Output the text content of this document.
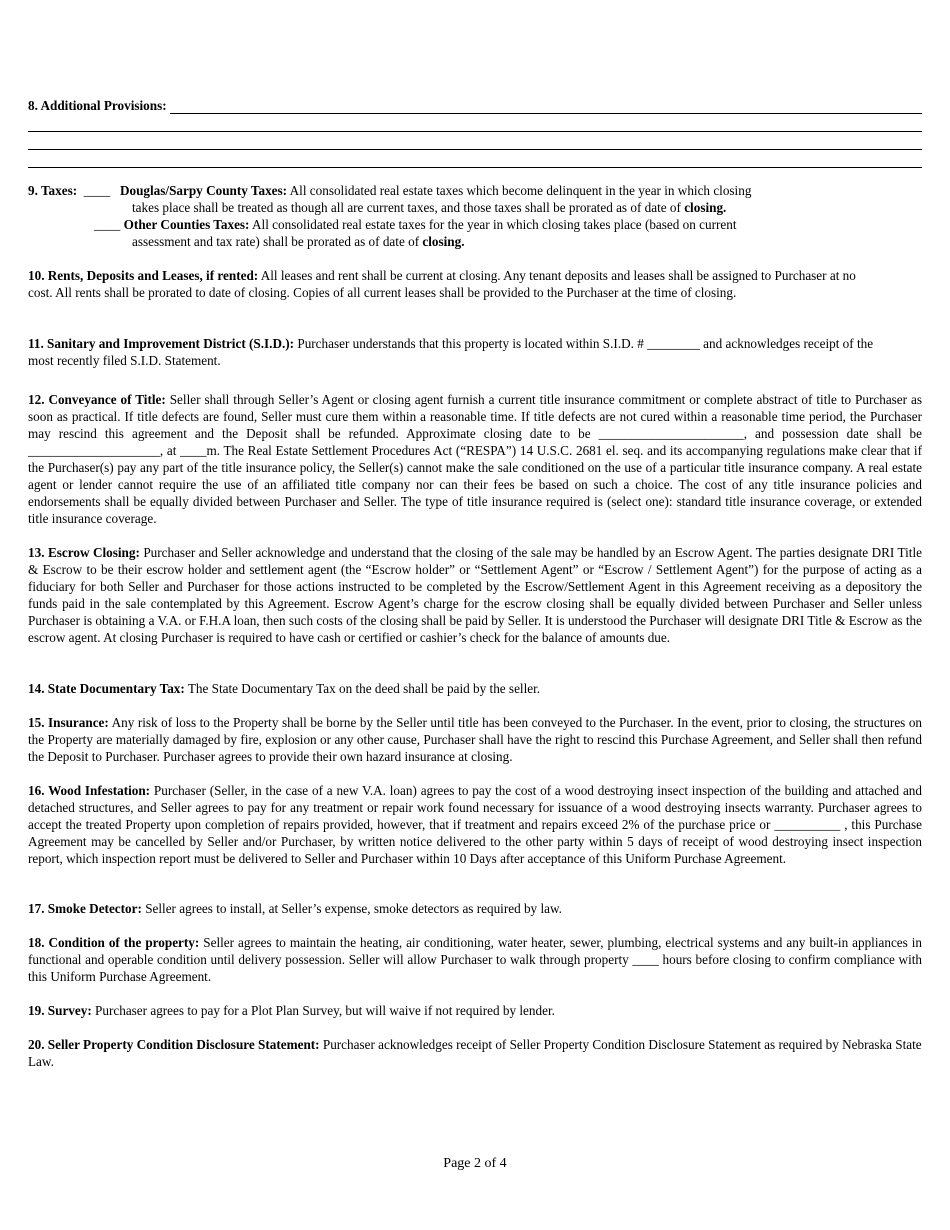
8. Additional Provisions:
9. Taxes: ____ Douglas/Sarpy County Taxes: All consolidated real estate taxes which become delinquent in the year in which closing
takes place shall be treated as though all are current taxes, and those taxes shall be prorated as of date of closing.
____ Other Counties Taxes: All consolidated real estate taxes for the year in which closing takes place (based on current
assessment and tax rate) shall be prorated as of date of closing.
10. Rents, Deposits and Leases, if rented: All leases and rent shall be current at closing. Any tenant deposits and leases shall be assigned to Purchaser at no cost. All rents shall be prorated to date of closing. Copies of all current leases shall be provided to the Purchaser at the time of closing.
11. Sanitary and Improvement District (S.I.D.): Purchaser understands that this property is located within S.I.D. # ________ and acknowledges receipt of the most recently filed S.I.D. Statement.
12. Conveyance of Title: Seller shall through Seller’s Agent or closing agent furnish a current title insurance commitment or complete abstract of title to Purchaser as soon as practical. If title defects are found, Seller must cure them within a reasonable time. If title defects are not cured within a reasonable time period, the Purchaser may rescind this agreement and the Deposit shall be refunded. Approximate closing date to be ______________________, and possession date shall be ____________________, at ____m. The Real Estate Settlement Procedures Act (“RESPA”) 14 U.S.C. 2681 el. seq. and its accompanying regulations make clear that if the Purchaser(s) pay any part of the title insurance policy, the Seller(s) cannot make the sale conditioned on the use of a particular title insurance company. A real estate agent or lender cannot require the use of an affiliated title company nor can their fees be based on such a choice. The cost of any title insurance policies and endorsements shall be equally divided between Purchaser and Seller. The type of title insurance required is (select one): standard title insurance coverage, or extended title insurance coverage.
13. Escrow Closing: Purchaser and Seller acknowledge and understand that the closing of the sale may be handled by an Escrow Agent. The parties designate DRI Title & Escrow to be their escrow holder and settlement agent (the “Escrow holder” or “Settlement Agent” or “Escrow / Settlement Agent”) for the purpose of acting as a fiduciary for both Seller and Purchaser for those actions instructed to be completed by the Escrow/Settlement Agent in this Agreement receiving as a depository the funds paid in the sale contemplated by this Agreement. Escrow Agent’s charge for the escrow closing shall be equally divided between Purchaser and Seller unless Purchaser is obtaining a V.A. or F.H.A loan, then such costs of the closing shall be paid by Seller. It is understood the Purchaser will designate DRI Title & Escrow as the escrow agent. At closing Purchaser is required to have cash or certified or cashier’s check for the balance of amounts due.
14. State Documentary Tax: The State Documentary Tax on the deed shall be paid by the seller.
15. Insurance: Any risk of loss to the Property shall be borne by the Seller until title has been conveyed to the Purchaser. In the event, prior to closing, the structures on the Property are materially damaged by fire, explosion or any other cause, Purchaser shall have the right to rescind this Purchase Agreement, and Seller shall then refund the Deposit to Purchaser. Purchaser agrees to provide their own hazard insurance at closing.
16. Wood Infestation: Purchaser (Seller, in the case of a new V.A. loan) agrees to pay the cost of a wood destroying insect inspection of the building and attached and detached structures, and Seller agrees to pay for any treatment or repair work found necessary for issuance of a wood destroying insects warranty. Purchaser agrees to accept the treated Property upon completion of repairs provided, however, that if treatment and repairs exceed 2% of the purchase price or __________ , this Purchase Agreement may be cancelled by Seller and/or Purchaser, by written notice delivered to the other party within 5 days of receipt of wood destroying insect inspection report, which inspection report must be delivered to Seller and Purchaser within 10 Days after acceptance of this Uniform Purchase Agreement.
17. Smoke Detector: Seller agrees to install, at Seller’s expense, smoke detectors as required by law.
18. Condition of the property: Seller agrees to maintain the heating, air conditioning, water heater, sewer, plumbing, electrical systems and any built-in appliances in functional and operable condition until delivery possession. Seller will allow Purchaser to walk through property ____ hours before closing to confirm compliance with this Uniform Purchase Agreement.
19. Survey: Purchaser agrees to pay for a Plot Plan Survey, but will waive if not required by lender.
20. Seller Property Condition Disclosure Statement: Purchaser acknowledges receipt of Seller Property Condition Disclosure Statement as required by Nebraska State Law.
Page 2 of 4
